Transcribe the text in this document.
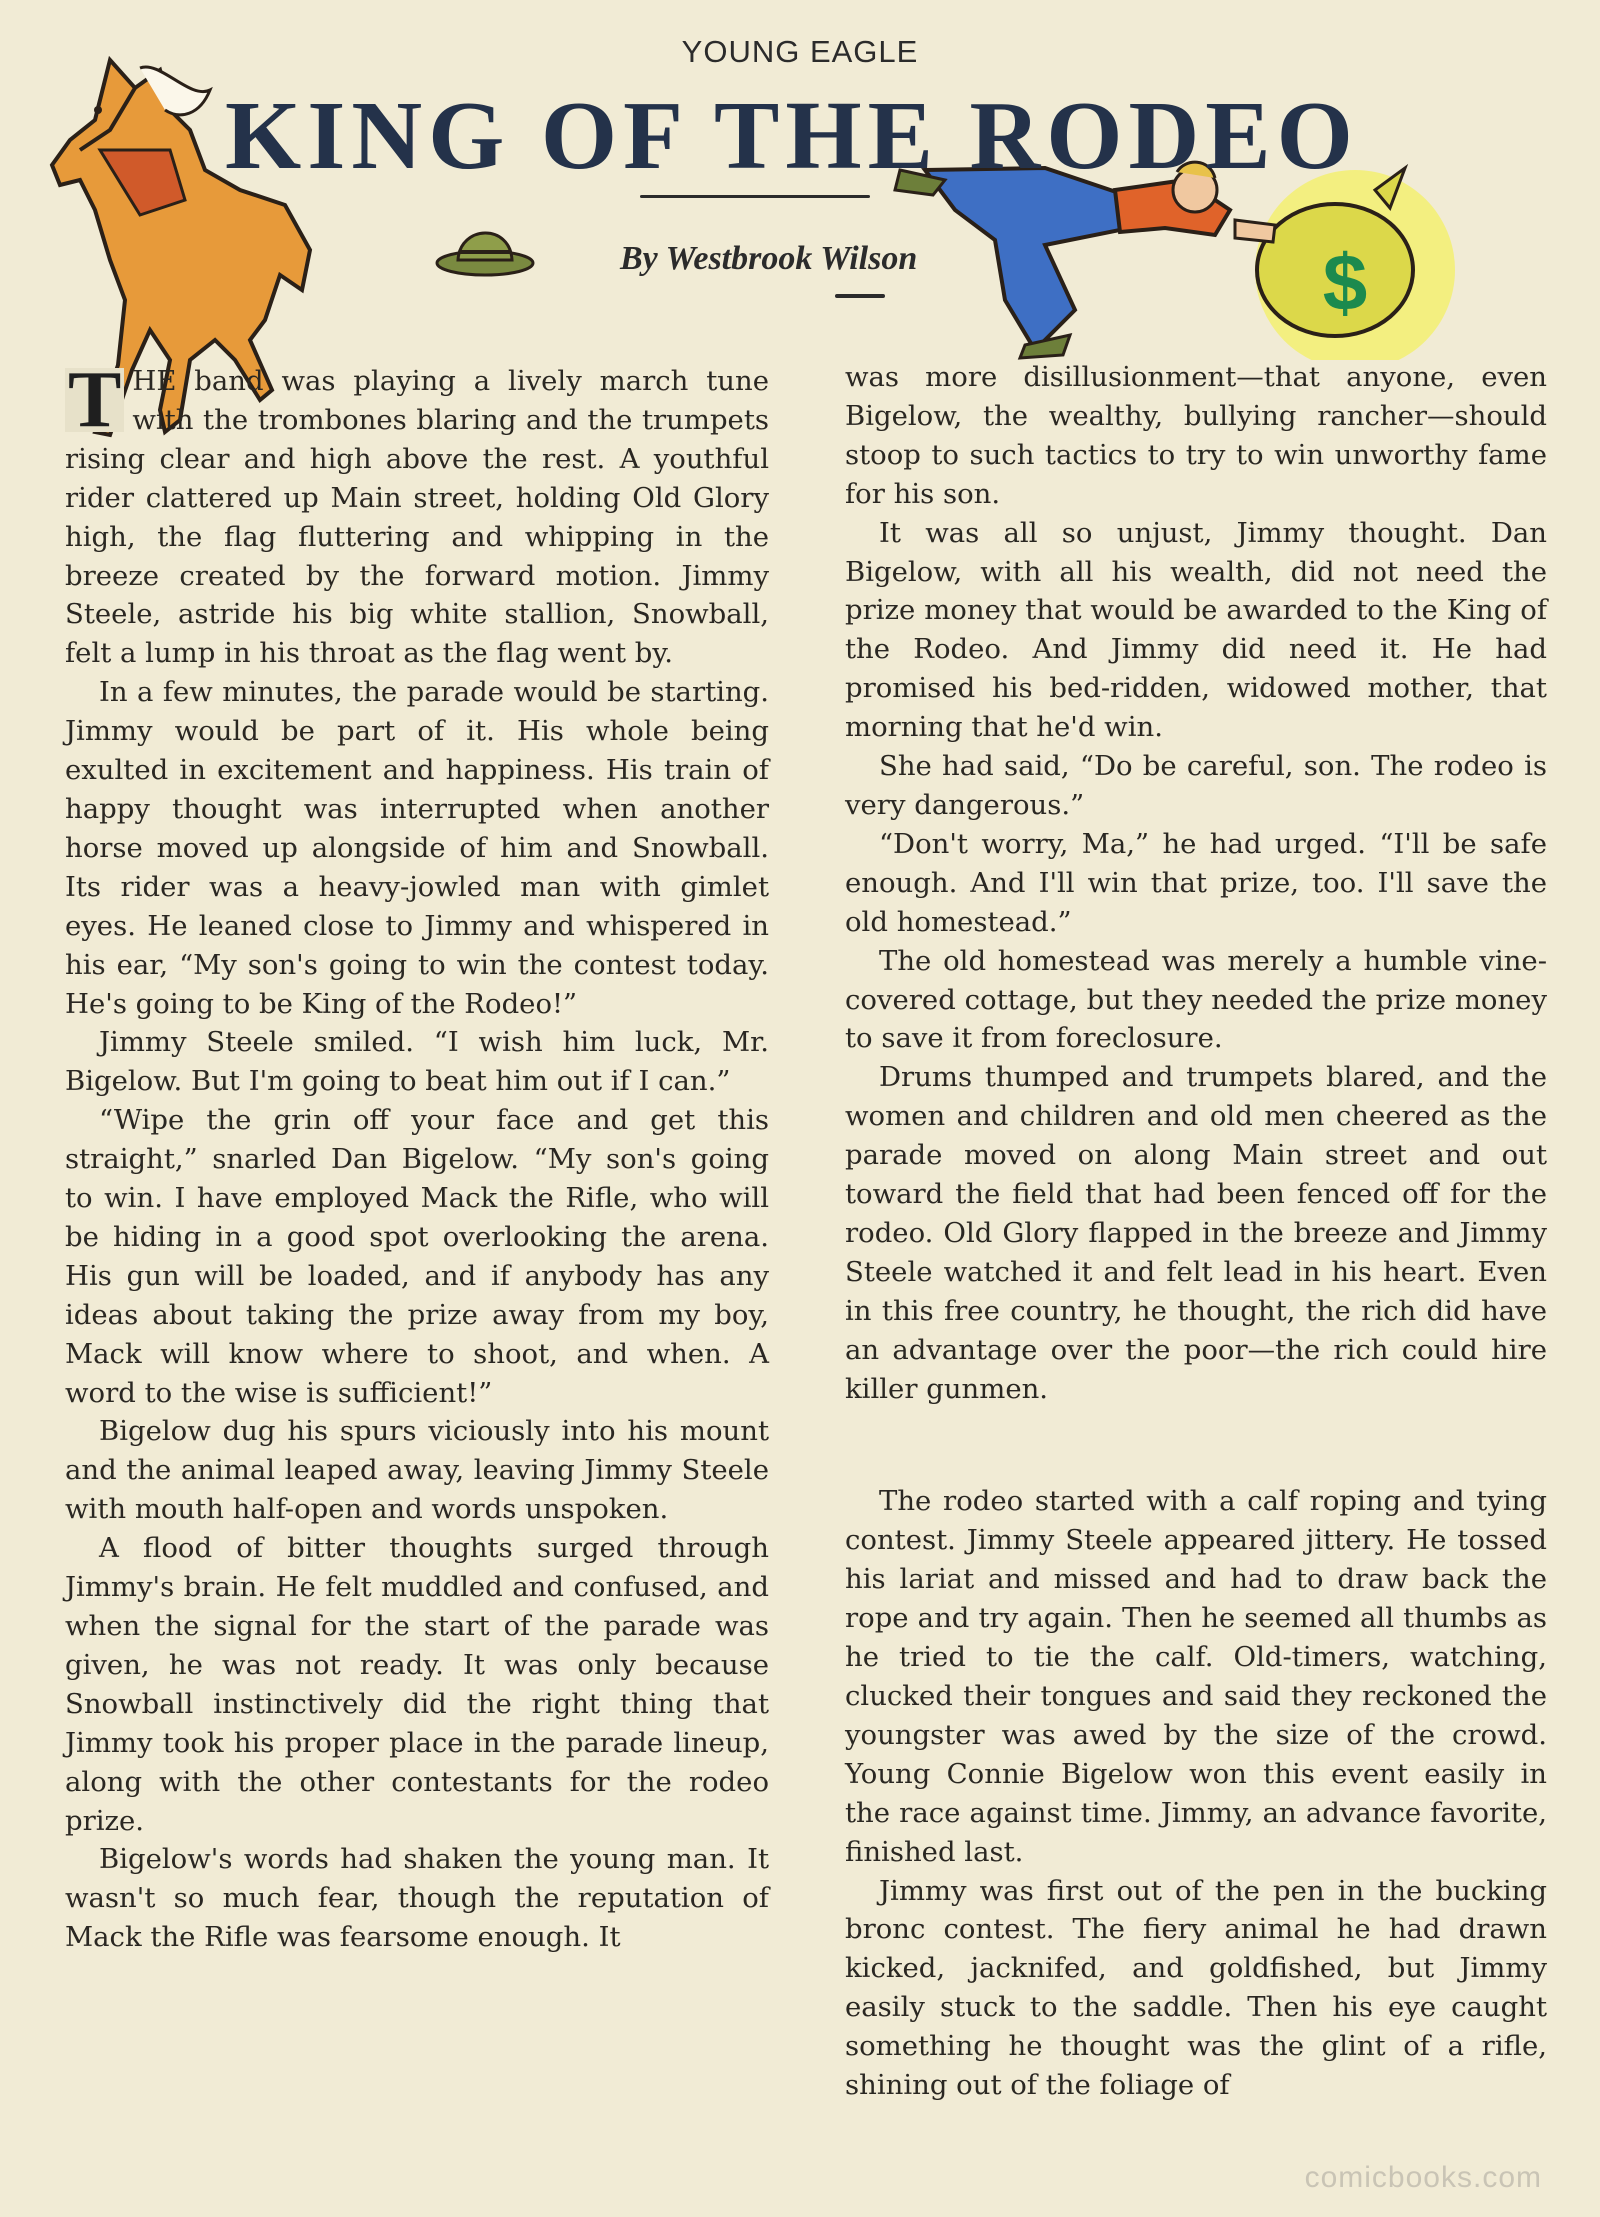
$
YOUNG EAGLE
KING OF THE RODEO
By Westbrook Wilson

T HE band was playing a lively march tune with the trombones blaring and the trumpets rising clear and high above the rest. A youthful rider clattered up Main street, holding Old Glory high, the flag fluttering and whipping in the breeze created by the forward motion. Jimmy Steele, astride his big white stallion, Snowball, felt a lump in his throat as the flag went by.

In a few minutes, the parade would be starting. Jimmy would be part of it. His whole being exulted in excitement and happiness. His train of happy thought was interrupted when another horse moved up alongside of him and Snowball. Its rider was a heavy-jowled man with gimlet eyes. He leaned close to Jimmy and whispered in his ear, “My son's going to win the contest today. He's going to be King of the Rodeo!”

Jimmy Steele smiled. “I wish him luck, Mr. Bigelow. But I'm going to beat him out if I can.”

“Wipe the grin off your face and get this straight,” snarled Dan Bigelow. “My son's going to win. I have employed Mack the Rifle, who will be hiding in a good spot overlooking the arena. His gun will be loaded, and if anybody has any ideas about taking the prize away from my boy, Mack will know where to shoot, and when. A word to the wise is sufficient!”

Bigelow dug his spurs viciously into his mount and the animal leaped away, leaving Jimmy Steele with mouth half-open and words unspoken.

A flood of bitter thoughts surged through Jimmy's brain. He felt muddled and confused, and when the signal for the start of the parade was given, he was not ready. It was only because Snowball instinctively did the right thing that Jimmy took his proper place in the parade lineup, along with the other contestants for the rodeo prize.

Bigelow's words had shaken the young man. It wasn't so much fear, though the reputation of Mack the Rifle was fearsome enough. It

was more disillusionment—that anyone, even Bigelow, the wealthy, bullying rancher—should stoop to such tactics to try to win unworthy fame for his son.

It was all so unjust, Jimmy thought. Dan Bigelow, with all his wealth, did not need the prize money that would be awarded to the King of the Rodeo. And Jimmy did need it. He had promised his bed-ridden, widowed mother, that morning that he'd win.

She had said, “Do be careful, son. The rodeo is very dangerous.”

“Don't worry, Ma,” he had urged. “I'll be safe enough. And I'll win that prize, too. I'll save the old homestead.”

The old homestead was merely a humble vine-covered cottage, but they needed the prize money to save it from foreclosure.

Drums thumped and trumpets blared, and the women and children and old men cheered as the parade moved on along Main street and out toward the field that had been fenced off for the rodeo. Old Glory flapped in the breeze and Jimmy Steele watched it and felt lead in his heart. Even in this free country, he thought, the rich did have an advantage over the poor—the rich could hire killer gunmen.

The rodeo started with a calf roping and tying contest. Jimmy Steele appeared jittery. He tossed his lariat and missed and had to draw back the rope and try again. Then he seemed all thumbs as he tried to tie the calf. Old-timers, watching, clucked their tongues and said they reckoned the youngster was awed by the size of the crowd. Young Connie Bigelow won this event easily in the race against time. Jimmy, an advance favorite, finished last.

Jimmy was first out of the pen in the bucking bronc contest. The fiery animal he had drawn kicked, jacknifed, and goldfished, but Jimmy easily stuck to the saddle. Then his eye caught something he thought was the glint of a rifle, shining out of the foliage of

comicbooks.com
